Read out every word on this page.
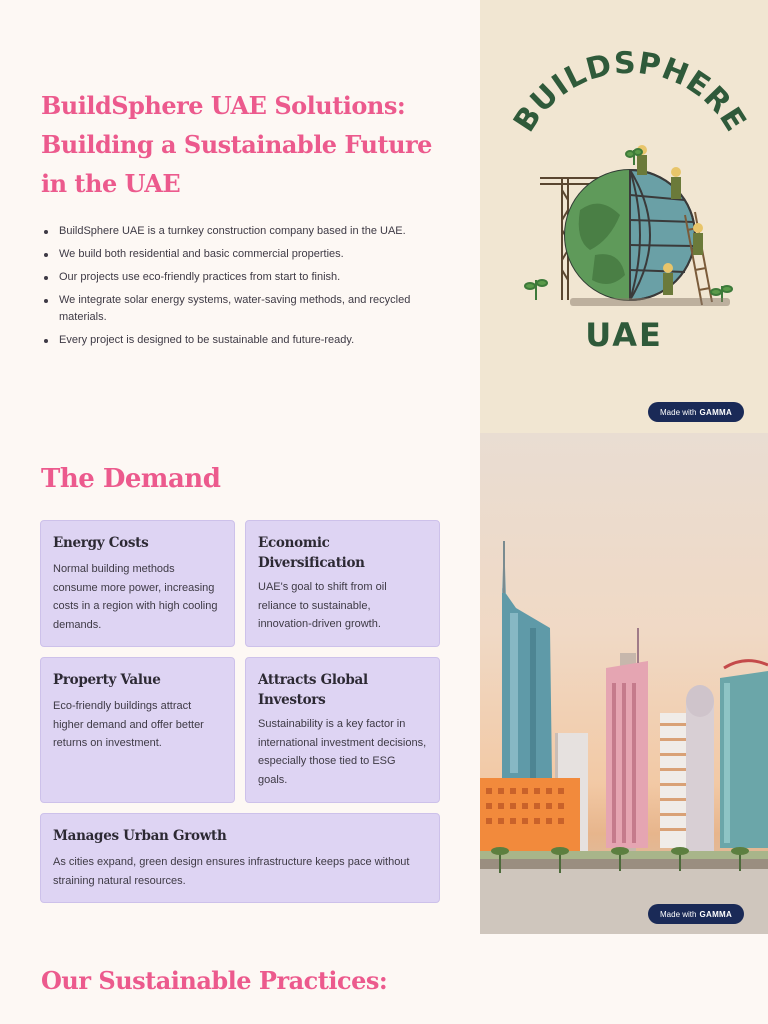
BuildSphere UAE Solutions: Building a Sustainable Future in the UAE
BuildSphere UAE is a turnkey construction company based in the UAE.
We build both residential and basic commercial properties.
Our projects use eco-friendly practices from start to finish.
We integrate solar energy systems, water-saving methods, and recycled materials.
Every project is designed to be sustainable and future-ready.
BUILDSPHERE
UAE
Made with GAMMA
Made with GAMMA
The Demand
Energy Costs
Normal building methods consume more power, increasing costs in a region with high cooling demands.
Economic Diversification
UAE's goal to shift from oil reliance to sustainable, innovation-driven growth.
Property Value
Eco-friendly buildings attract higher demand and offer better returns on investment.
Attracts Global Investors
Sustainability is a key factor in international investment decisions, especially those tied to ESG goals.
Manages Urban Growth
As cities expand, green design ensures infrastructure keeps pace without straining natural resources.
Our Sustainable Practices:
